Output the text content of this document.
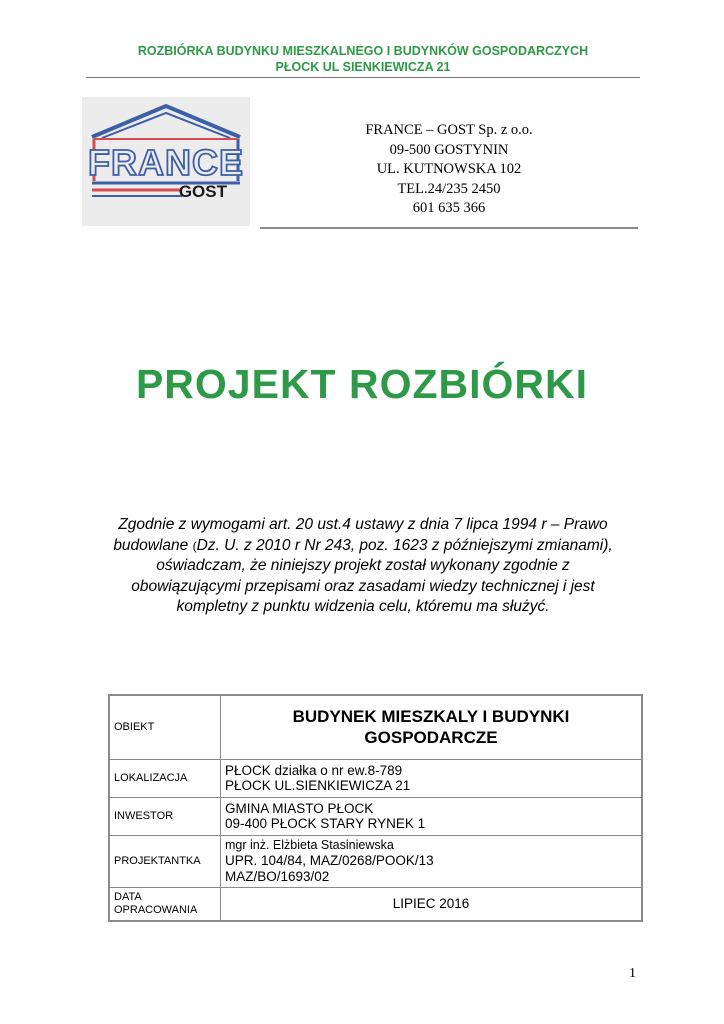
ROZBIÓRKA BUDYNKU MIESZKALNEGO I BUDYNKÓW GOSPODARCZYCH
PŁOCK UL SIENKIEWICZA 21
FRANCE
GOST
FRANCE – GOST Sp. z o.o.
09-500 GOSTYNIN
UL. KUTNOWSKA 102
TEL.24/235 2450
601 635 366
PROJEKT ROZBIÓRKI
Zgodnie z wymogami art. 20 ust.4 ustawy z dnia 7 lipca 1994 r – Prawo
budowlane (Dz. U. z 2010 r Nr 243, poz. 1623 z późniejszymi zmianami),
oświadczam, że niniejszy projekt został wykonany zgodnie z
obowiązującymi przepisami oraz zasadami wiedzy technicznej i jest
kompletny z punktu widzenia celu, któremu ma służyć.
OBIEKT	BUDYNEK MIESZKALY I BUDYNKI
GOSPODARCZE

LOKALIZACJA	PŁOCK działka o nr ew.8-789
PŁOCK UL.SIENKIEWICZA 21

INWESTOR	GMINA MIASTO PŁOCK
09-400 PŁOCK STARY RYNEK 1

PROJEKTANTKA	mgr inż. Elżbieta Stasiniewska
UPR. 104/84, MAZ/0268/POOK/13
MAZ/BO/1693/02

DATA
OPRACOWANIA	LIPIEC 2016
1
